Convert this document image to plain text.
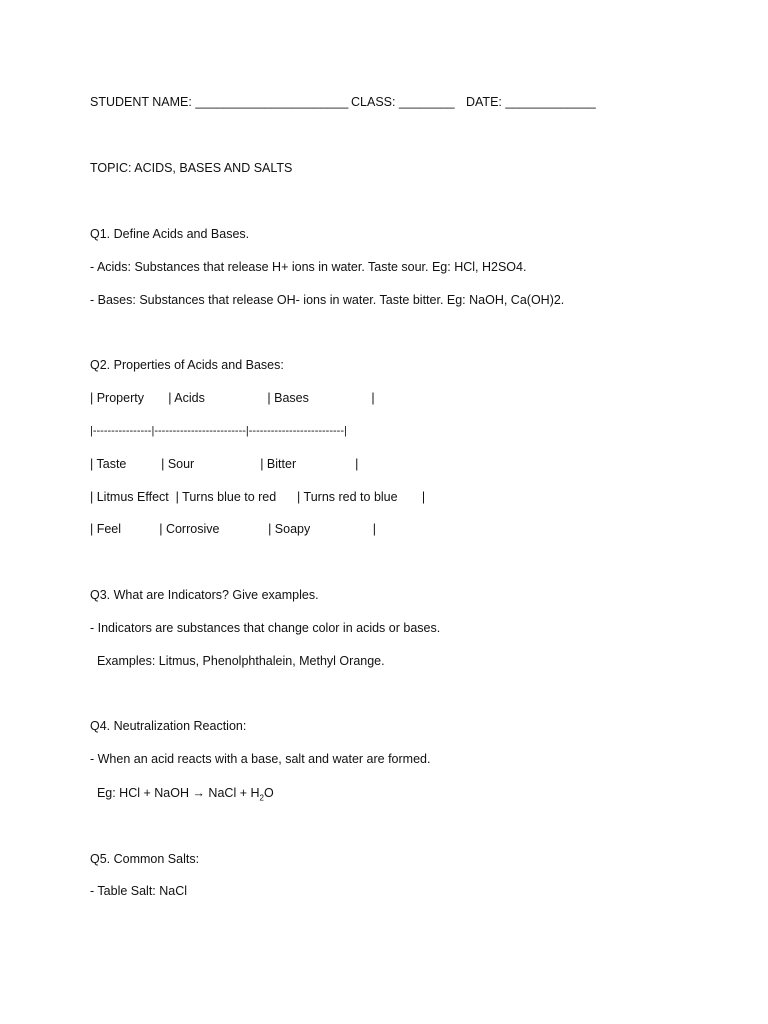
STUDENT NAME: ______________________ CLASS: ________ DATE: _____________
TOPIC: ACIDS, BASES AND SALTS
Q1. Define Acids and Bases.
- Acids: Substances that release H+ ions in water. Taste sour. Eg: HCl, H2SO4.
- Bases: Substances that release OH- ions in water. Taste bitter. Eg: NaOH, Ca(OH)2.
Q2. Properties of Acids and Bases:
| Property       | Acids                  | Bases                  |
|----------------|-------------------------|--------------------------|
| Taste          | Sour                   | Bitter                 |
| Litmus Effect  | Turns blue to red      | Turns red to blue       |
| Feel           | Corrosive              | Soapy                  |
Q3. What are Indicators? Give examples.
- Indicators are substances that change color in acids or bases.
Examples: Litmus, Phenolphthalein, Methyl Orange.
Q4. Neutralization Reaction:
- When an acid reacts with a base, salt and water are formed.
Eg: HCl + NaOH → NaCl + $H_2O$
Q5. Common Salts:
- Table Salt: NaCl
